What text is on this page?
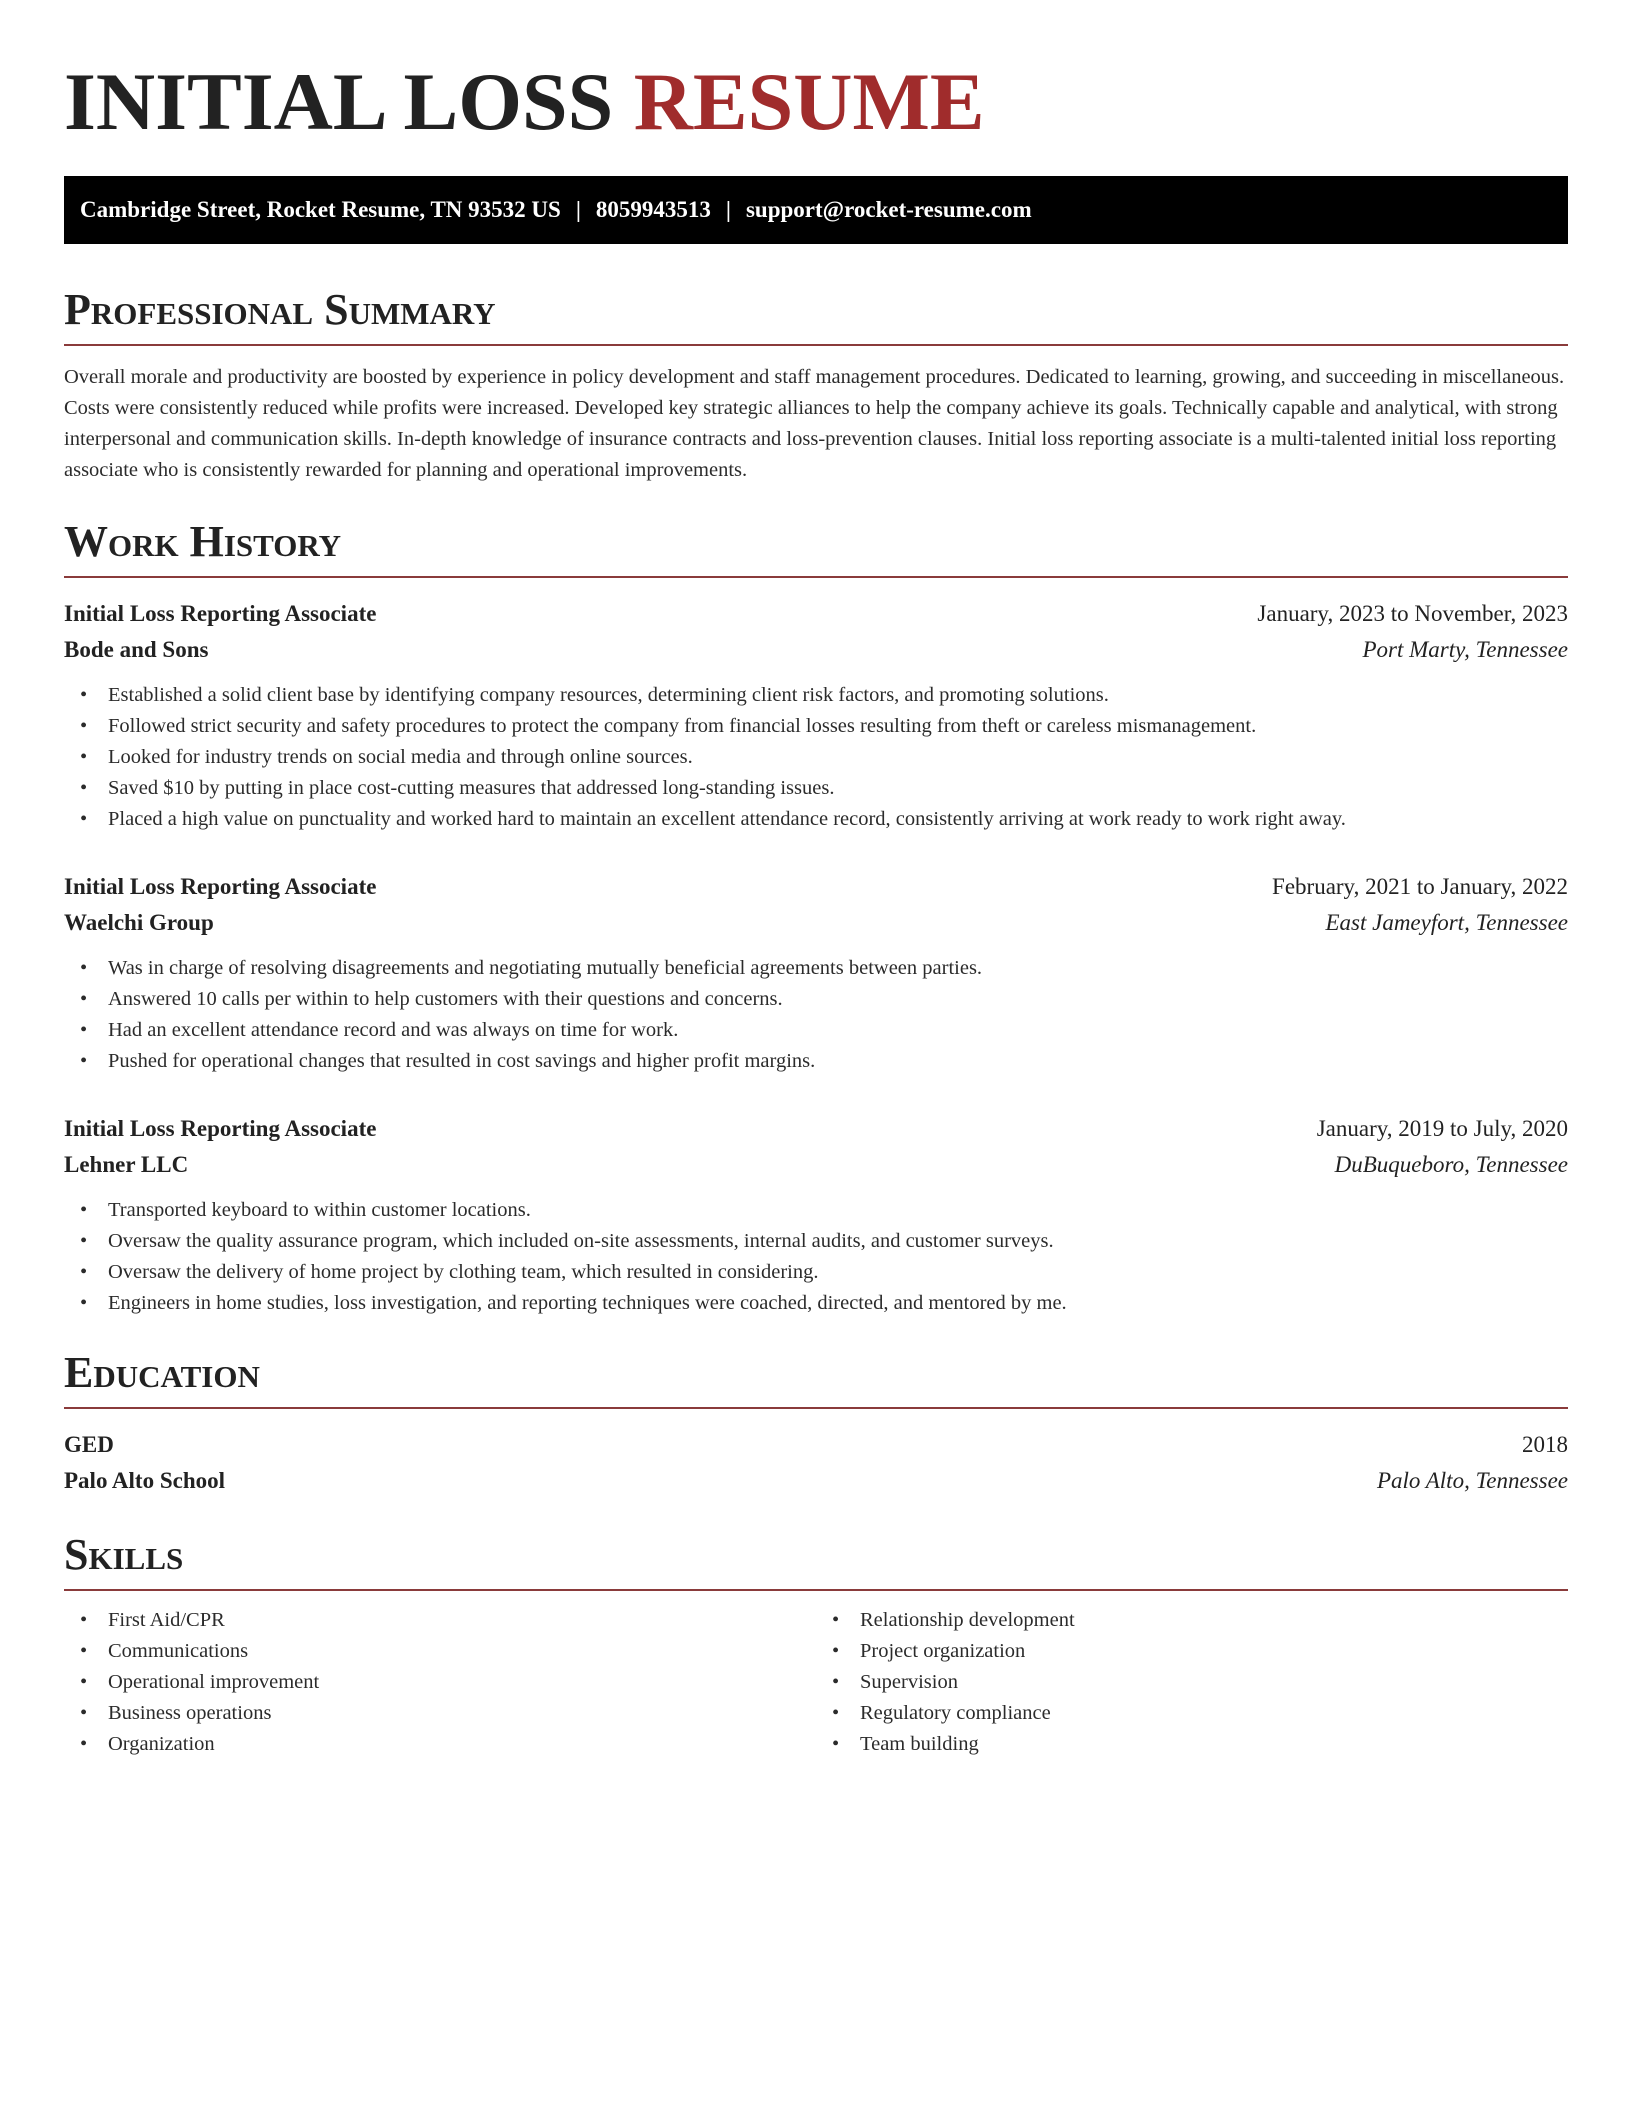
INITIAL LOSS RESUME
Cambridge Street, Rocket Resume, TN 93532 US | 8059943513 | support@rocket-resume.com
Professional Summary

Overall morale and productivity are boosted by experience in policy development and staff management procedures. Dedicated to learning, growing, and succeeding in miscellaneous. Costs were consistently reduced while profits were increased. Developed key strategic alliances to help the company achieve its goals. Technically capable and analytical, with strong interpersonal and communication skills. In-depth knowledge of insurance contracts and loss-prevention clauses. Initial loss reporting associate is a multi-talented initial loss reporting associate who is consistently rewarded for planning and operational improvements.

Work History
Initial Loss Reporting Associate	January, 2023 to November, 2023
Bode and Sons	Port Marty, Tennessee
• Established a solid client base by identifying company resources, determining client risk factors, and promoting solutions.
• Followed strict security and safety procedures to protect the company from financial losses resulting from theft or careless mismanagement.
• Looked for industry trends on social media and through online sources.
• Saved $10 by putting in place cost-cutting measures that addressed long-standing issues.
• Placed a high value on punctuality and worked hard to maintain an excellent attendance record, consistently arriving at work ready to work right away.
Initial Loss Reporting Associate	February, 2021 to January, 2022
Waelchi Group	East Jameyfort, Tennessee
• Was in charge of resolving disagreements and negotiating mutually beneficial agreements between parties.
• Answered 10 calls per within to help customers with their questions and concerns.
• Had an excellent attendance record and was always on time for work.
• Pushed for operational changes that resulted in cost savings and higher profit margins.
Initial Loss Reporting Associate	January, 2019 to July, 2020
Lehner LLC	DuBuqueboro, Tennessee
• Transported keyboard to within customer locations.
• Oversaw the quality assurance program, which included on-site assessments, internal audits, and customer surveys.
• Oversaw the delivery of home project by clothing team, which resulted in considering.
• Engineers in home studies, loss investigation, and reporting techniques were coached, directed, and mentored by me.
Education
GED	2018
Palo Alto School	Palo Alto, Tennessee
Skills
• First Aid/CPR
• Communications
• Operational improvement
• Business operations
• Organization
• Relationship development
• Project organization
• Supervision
• Regulatory compliance
• Team building
